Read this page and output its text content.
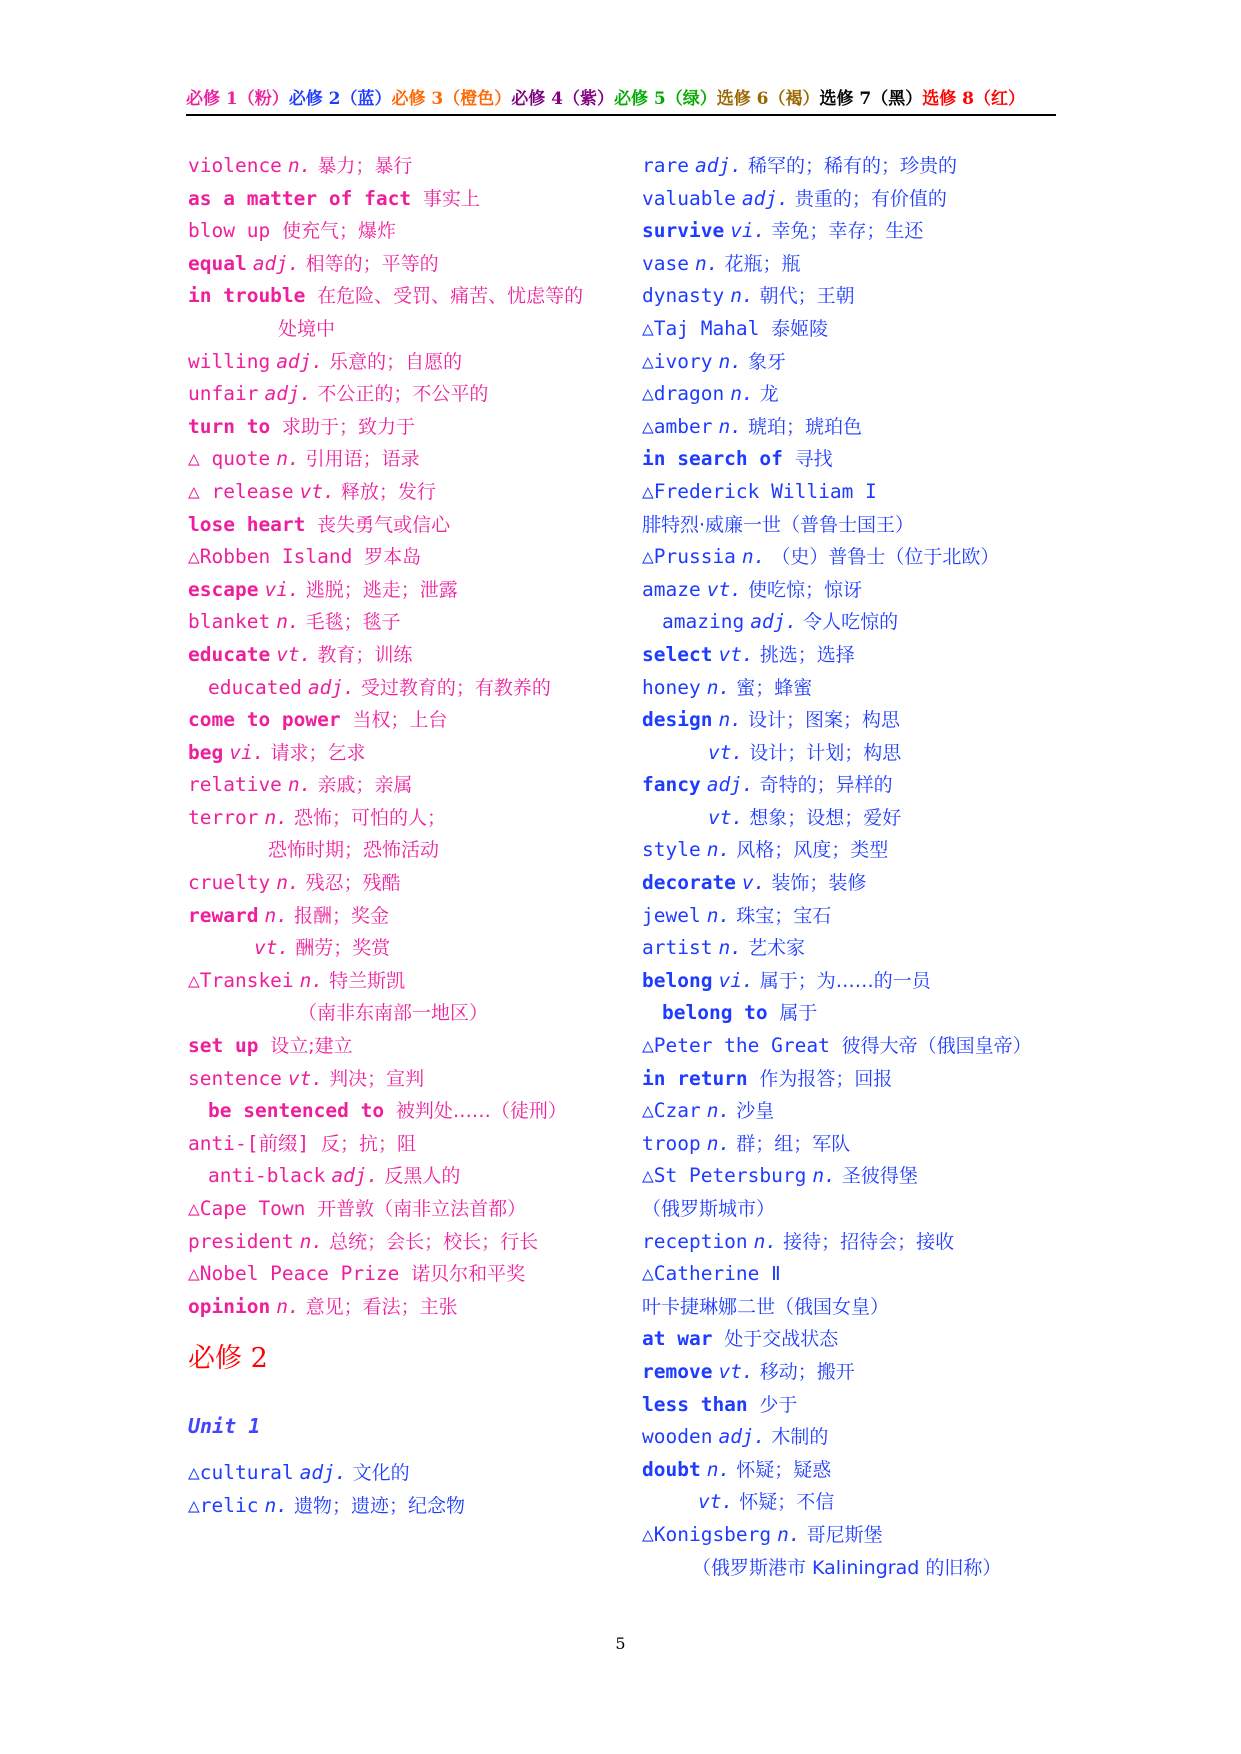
必修 1（粉）必修 2（蓝）必修 3（橙色）必修 4（紫）必修 5（绿）选修 6（褐）选修 7（黑）选修 8（红）
violence n. 暴力；暴行
as a matter of fact 事实上
blow up 使充气；爆炸
equal adj. 相等的；平等的
in trouble 在危险、受罚、痛苦、忧虑等的
处境中
willing adj. 乐意的；自愿的
unfair adj. 不公正的；不公平的
turn to 求助于；致力于
△ quote n. 引用语；语录
△ release vt. 释放；发行
lose heart 丧失勇气或信心
△Robben Island 罗本岛
escape vi. 逃脱；逃走；泄露
blanket n. 毛毯；毯子
educate vt. 教育；训练
educated adj. 受过教育的；有教养的
come to power 当权；上台
beg vi. 请求；乞求
relative n. 亲戚；亲属
terror n. 恐怖；可怕的人；
恐怖时期；恐怖活动
cruelty n. 残忍；残酷
reward n. 报酬；奖金
vt. 酬劳；奖赏
△Transkei n. 特兰斯凯
（南非东南部一地区）
set up 设立;建立
sentence vt. 判决；宣判
be sentenced to 被判处……（徒刑）
anti-[前缀] 反；抗；阻
anti-black adj. 反黑人的
△Cape Town 开普敦（南非立法首都）
president n. 总统；会长；校长；行长
△Nobel Peace Prize 诺贝尔和平奖
opinion n. 意见；看法；主张
必修 2
Unit 1
△cultural adj. 文化的
△relic n. 遗物；遗迹；纪念物
rare adj. 稀罕的；稀有的；珍贵的
valuable adj. 贵重的；有价值的
survive vi. 幸免；幸存；生还
vase n. 花瓶；瓶
dynasty n. 朝代；王朝
△Taj Mahal 泰姬陵
△ivory n. 象牙
△dragon n. 龙
△amber n. 琥珀；琥珀色
in search of 寻找
△Frederick William I
腓特烈·威廉一世（普鲁士国王）
△Prussia n. （史）普鲁士（位于北欧）
amaze vt. 使吃惊；惊讶
amazing adj. 令人吃惊的
select vt. 挑选；选择
honey n. 蜜；蜂蜜
design n. 设计；图案；构思
vt. 设计；计划；构思
fancy adj. 奇特的；异样的
vt. 想象；设想；爱好
style n. 风格；风度；类型
decorate v. 装饰；装修
jewel n. 珠宝；宝石
artist n. 艺术家
belong vi. 属于；为……的一员
belong to 属于
△Peter the Great 彼得大帝（俄国皇帝）
in return 作为报答；回报
△Czar n. 沙皇
troop n. 群；组；军队
△St Petersburg n. 圣彼得堡
（俄罗斯城市）
reception n. 接待；招待会；接收
△Catherine Ⅱ
叶卡捷琳娜二世（俄国女皇）
at war 处于交战状态
remove vt. 移动；搬开
less than 少于
wooden adj. 木制的
doubt n. 怀疑；疑惑
vt. 怀疑；不信
△Konigsberg n. 哥尼斯堡
（俄罗斯港市 Kaliningrad 的旧称）
5
